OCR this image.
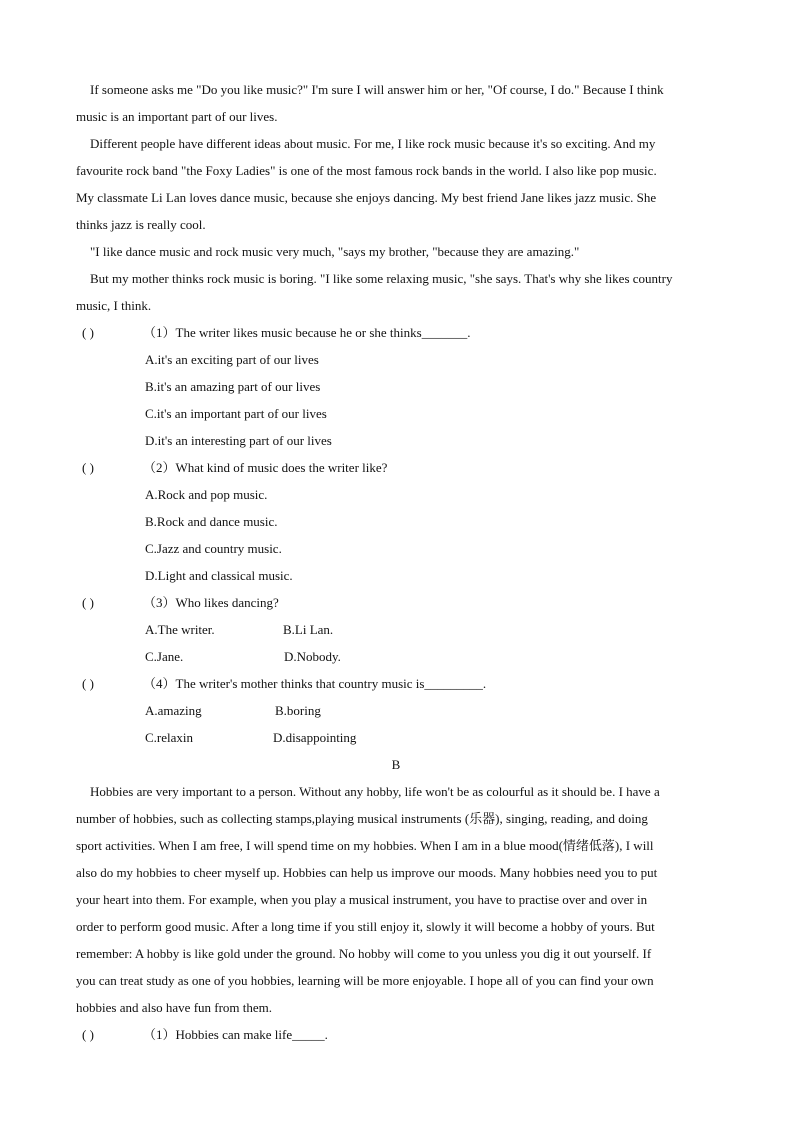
If someone asks me "Do you like music?" I'm sure I will answer him or her, "Of course, I do." Because I think
music is an important part of our lives.
Different people have different ideas about music. For me, I like rock music because it's so exciting. And my
favourite rock band "the Foxy Ladies" is one of the most famous rock bands in the world. I also like pop music.
My classmate Li Lan loves dance music, because she enjoys dancing. My best friend Jane likes jazz music. She
thinks jazz is really cool.
"I like dance music and rock music very much, "says my brother, "because they are amazing."
But my mother thinks rock music is boring. "I like some relaxing music, "she says. That's why she likes country
music, I think.
( )	（1）The writer likes music because he or she thinks_______.
A.it's an exciting part of our lives
B.it's an amazing part of our lives
C.it's an important part of our lives
D.it's an interesting part of our lives
( )	（2）What kind of music does the writer like?
A.Rock and pop music.
B.Rock and dance music.
C.Jazz and country music.
D.Light and classical music.
( )	（3）Who likes dancing?
A.The writer.	B.Li Lan.
C.Jane.	D.Nobody.
( )	（4）The writer's mother thinks that country music is_________.
A.amazing	B.boring
C.relaxin	D.disappointing
B
Hobbies are very important to a person. Without any hobby, life won't be as colourful as it should be. I have a
number of hobbies, such as collecting stamps,playing musical instruments (乐器), singing, reading, and doing
sport activities. When I am free, I will spend time on my hobbies. When I am in a blue mood(情绪低落), I will
also do my hobbies to cheer myself up. Hobbies can help us improve our moods. Many hobbies need you to put
your heart into them. For example, when you play a musical instrument, you have to practise over and over in
order to perform good music. After a long time if you still enjoy it, slowly it will become a hobby of yours. But
remember: A hobby is like gold under the ground. No hobby will come to you unless you dig it out yourself. If
you can treat study as one of you hobbies, learning will be more enjoyable. I hope all of you can find your own
hobbies and also have fun from them.
( )	（1）Hobbies can make life_____.
